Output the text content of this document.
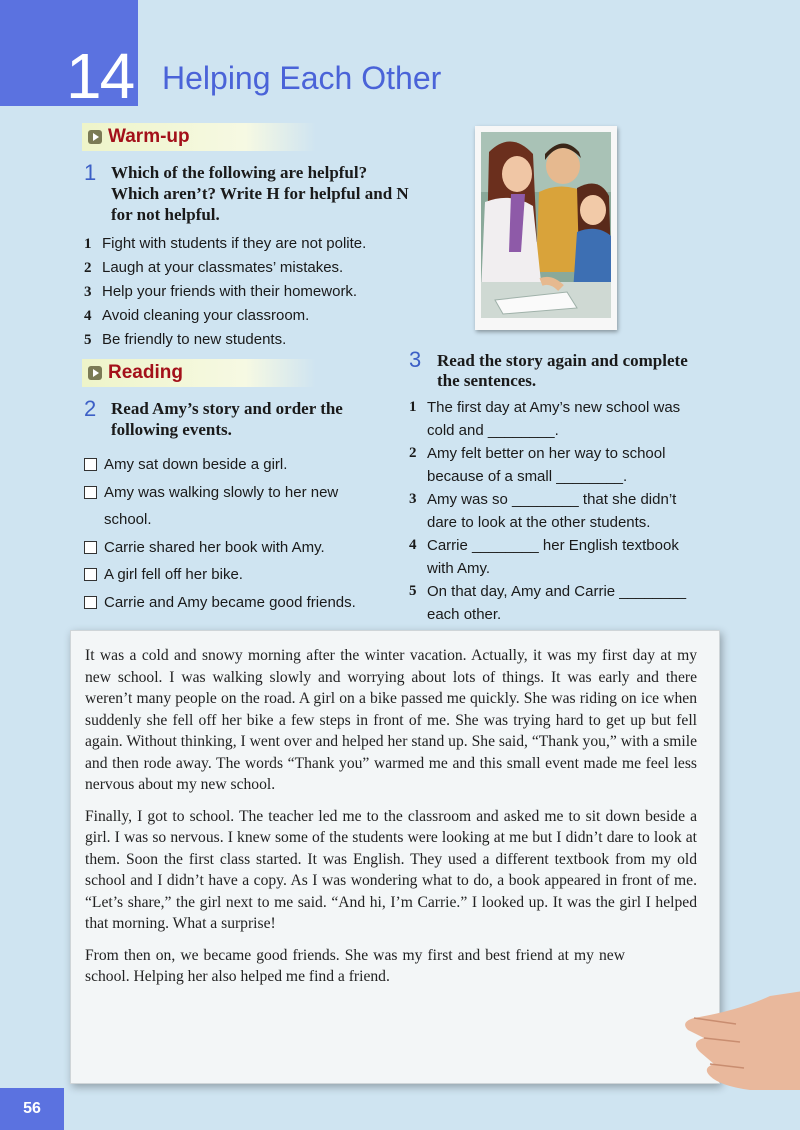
14 Helping Each Other
Warm-up
1 Which of the following are helpful? Which aren’t? Write H for helpful and N for not helpful.
1 Fight with students if they are not polite.
2 Laugh at your classmates’ mistakes.
3 Help your friends with their homework.
4 Avoid cleaning your classroom.
5 Be friendly to new students.
Reading
2 Read Amy’s story and order the following events.
Amy sat down beside a girl.
Amy was walking slowly to her new school.
Carrie shared her book with Amy.
A girl fell off her bike.
Carrie and Amy became good friends.
3 Read the story again and complete the sentences.
1 The first day at Amy’s new school was cold and ________.
2 Amy felt better on her way to school because of a small ________.
3 Amy was so ________ that she didn’t dare to look at the other students.
4 Carrie ________ her English textbook with Amy.
5 On that day, Amy and Carrie ________ each other.

It was a cold and snowy morning after the winter vacation. Actually, it was my first day at my new school. I was walking slowly and worrying about lots of things. It was early and there weren’t many people on the road. A girl on a bike passed me quickly. She was riding on ice when suddenly she fell off her bike a few steps in front of me. She was trying hard to get up but fell again. Without thinking, I went over and helped her stand up. She said, “Thank you,” with a smile and then rode away. The words “Thank you” warmed me and this small event made me feel less nervous about my new school.

Finally, I got to school. The teacher led me to the classroom and asked me to sit down beside a girl. I was so nervous. I knew some of the students were looking at me but I didn’t dare to look at them. Soon the first class started. It was English. They used a different textbook from my old school and I didn’t have a copy. As I was wondering what to do, a book appeared in front of me. “Let’s share,” the girl next to me said. “And hi, I’m Carrie.” I looked up. It was the girl I helped that morning. What a surprise!

From then on, we became good friends. She was my first and best friend at my new school. Helping her also helped me find a friend.

56
